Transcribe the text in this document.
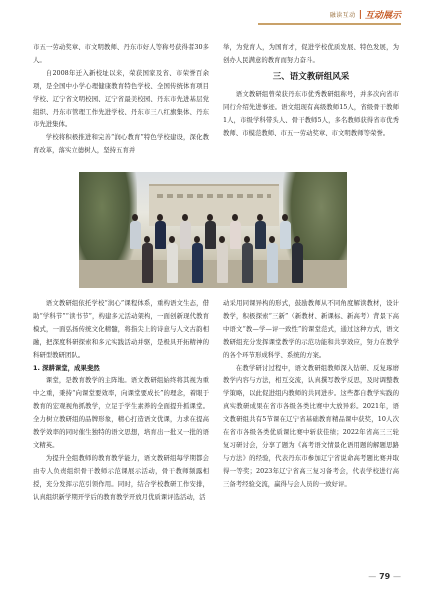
融读互动 | 互动展示

市五一劳动奖章、市文明教师、丹东市好人等称号获得者30多人。

自2008年迁入新校址以来，荣获国家及省、市荣誉百余项，是全国中小学心理健康教育特色学校、全国传统体育项目学校、辽宁省文明校园、辽宁省最美校园、丹东市先进基层党组织、丹东市管理工作先进学校、丹东市三八红旗集体、丹东市先进集体。

学校将积极推进和完善“润心教育”特色学校建设，深化教育改革，落实立德树人，坚持五育并

举，为党育人，为国育才，促进学校优质发展、特色发展，为创办人民满意的教育而努力奋斗。

三、语文教研组风采

语文教研组曾荣获丹东市优秀教研组称号，并多次向省市同行介绍先进事迹。语文组现有高级教师15人，省级骨干教师1人，市级学科带头人、骨干教师5人，多名教师获得省市优秀教师、市模范教师、市五一劳动奖章、市文明教师等荣誉。

语文教研组依托学校“润心”课程体系，重构语文生态，借助“学科节”“读书节”，构建多元活动架构，一面创新现代教育模式，一面弘扬传统文化精髓，将指尖上的诗意与人文古韵相融，把深度科研探索和多元实践活动并驱，是极具开拓精神的科研型教研团队。

1. 深耕课堂，成果斐然

课堂，是教育教学的主阵地。语文教研组始终将其视为重中之重，秉持“向课堂要效率，向课堂要成长”的理念，着眼于教育的宏观视角抓教学，立足于学生素养的全面提升抓课堂。全力树立教研组的品牌形象，精心打造语文优课，力求在提高教学效率的同时催生独特的语文思想，培育出一批又一批的语文精英。

为提升全组教师的教育教学能力，语文教研组每学期都会由专人负责组织骨干教师示范课展示活动，骨干教师频露相授，充分发挥示范引领作用。同时，结合学校教研工作安排，认真组织新学期开学后的教育教学开放月优质课评选活动，活

动采用同课异构的形式，鼓励教师从不同角度解读教材，设计教学，积极探索“三新”（新教材、新课标、新高考）背景下高中语文“教—学—评一致性”的课堂范式，通过这种方式，语文教研组充分发挥课堂教学的示范功能和共享效应，努力在教学的各个环节形成科学、系统的方案。

在教学研讨过程中，语文教研组教师深入钻研、反复琢磨教学内容与方法，相互交流，认真撰写教学反思，及时调整教学策略，以此促进组内教师的共同进步。这些都自教学实践的真实教研成果在省市各级各类比赛中大放异彩。2021年，语文教研组共有5节课在辽宁省基础教育精品课中获奖，10人次在省市各级各类优质课比赛中斩获佳绩；2022年省高三三轮复习研讨会，分享了题为《高考语文情景化语用题的解题思路与方法》的经验，代表丹东市参加辽宁省说命高考题比赛并取得一等奖；2023年辽宁省高三复习备考会，代表学校进行高三备考经验交流，赢得与会人员的一致好评。

— 79 —
